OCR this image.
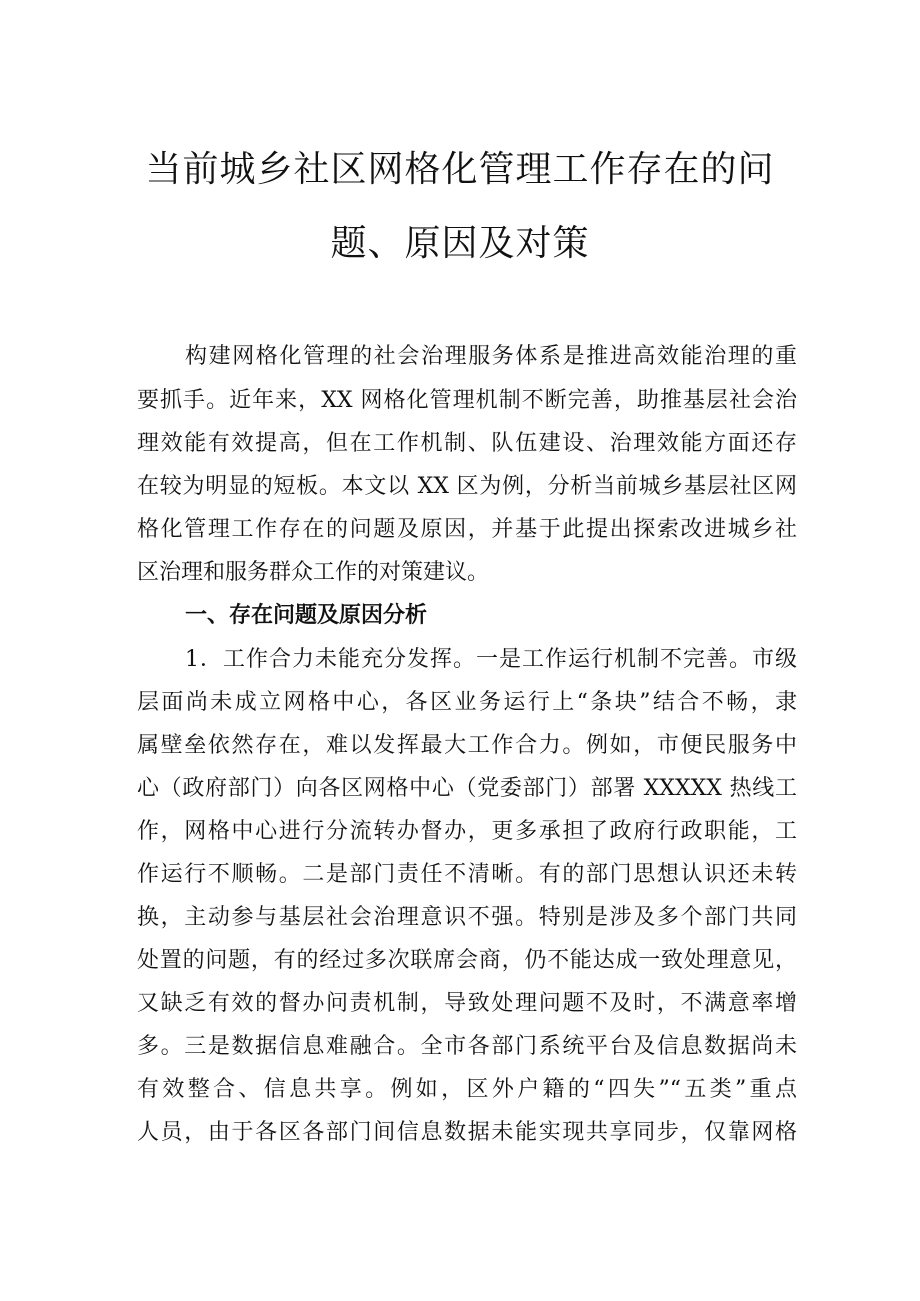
当前城乡社区网格化管理工作存在的问
题、原因及对策

构建网格化管理的社会治理服务体系是推进高效能治理的重

要抓手。近年来，XX 网格化管理机制不断完善，助推基层社会治

理效能有效提高，但在工作机制、队伍建设、治理效能方面还存

在较为明显的短板。本文以 XX 区为例，分析当前城乡基层社区网

格化管理工作存在的问题及原因，并基于此提出探索改进城乡社

区治理和服务群众工作的对策建议。

一、存在问题及原因分析

1．工作合力未能充分发挥。一是工作运行机制不完善。市级

层面尚未成立网格中心，各区业务运行上“条块”结合不畅，隶

属壁垒依然存在，难以发挥最大工作合力。例如，市便民服务中

心（政府部门）向各区网格中心（党委部门）部署 XXXXX 热线工

作，网格中心进行分流转办督办，更多承担了政府行政职能，工

作运行不顺畅。二是部门责任不清晰。有的部门思想认识还未转

换，主动参与基层社会治理意识不强。特别是涉及多个部门共同

处置的问题，有的经过多次联席会商，仍不能达成一致处理意见，

又缺乏有效的督办问责机制，导致处理问题不及时，不满意率增

多。三是数据信息难融合。全市各部门系统平台及信息数据尚未

有效整合、信息共享。例如，区外户籍的“四失”“五类”重点

人员，由于各区各部门间信息数据未能实现共享同步，仅靠网格
